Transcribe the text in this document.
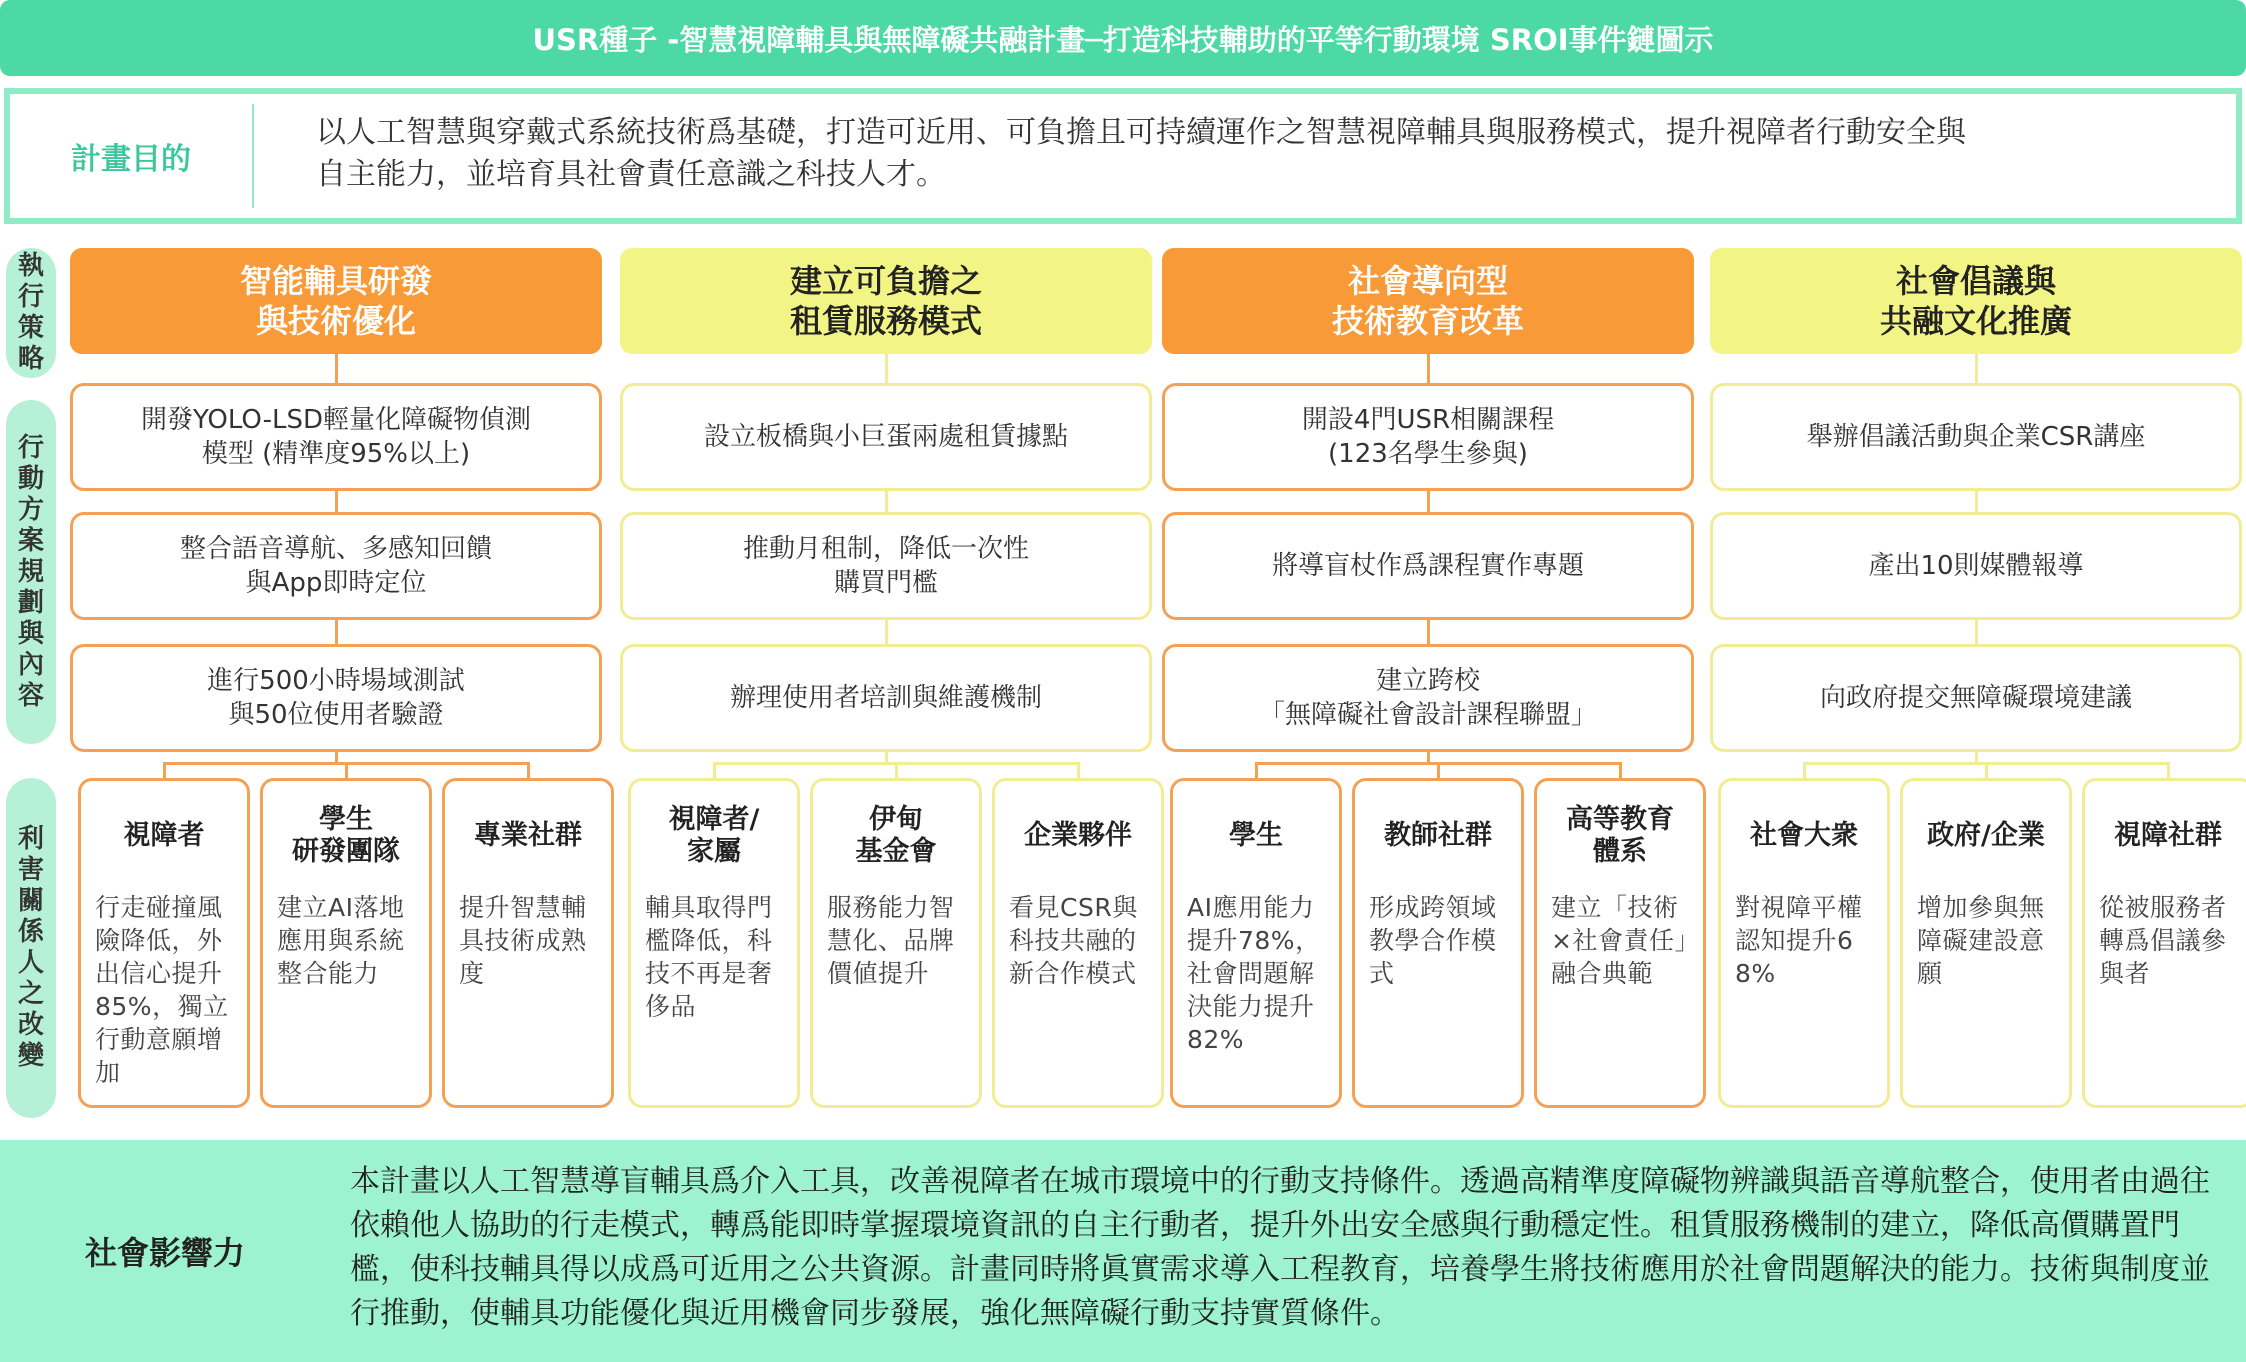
USR種子 -智慧視障輔具與無障礙共融計畫─打造科技輔助的平等行動環境 SROI事件鏈圖示
計畫目的
以人工智慧與穿戴式系統技術爲基礎，打造可近用、可負擔且可持續運作之智慧視障輔具與服務模式，提升視障者行動安全與
自主能力，並培育具社會責任意識之科技人才。
執行策略
行動方案規劃與內容
利害關係人之改變
智能輔具研發
與技術優化
開發YOLO-LSD輕量化障礙物偵測
模型 (精準度95%以上)
整合語音導航、多感知回饋
與App即時定位
進行500小時場域測試
與50位使用者驗證
視障者
行走碰撞風險降低，外出信心提升85%，獨立行動意願增加
學生
研發團隊
建立AI落地應用與系統整合能力
專業社群
提升智慧輔具技術成熟度
建立可負擔之
租賃服務模式
設立板橋與小巨蛋兩處租賃據點
推動月租制，降低一次性
購買門檻
辦理使用者培訓與維護機制
視障者/
家屬
輔具取得門檻降低，科技不再是奢侈品
伊甸
基金會
服務能力智慧化、品牌價値提升
企業夥伴
看見CSR與科技共融的新合作模式
社會導向型
技術教育改革
開設4門USR相關課程
(123名學生參與)
將導盲杖作爲課程實作專題
建立跨校
「無障礙社會設計課程聯盟」
學生
AI應用能力提升78%，社會問題解決能力提升82%
教師社群
形成跨領域教學合作模式
高等教育
體系
建立「技術×社會責任」融合典範
社會倡議與
共融文化推廣
舉辦倡議活動與企業CSR講座
產出10則媒體報導
向政府提交無障礙環境建議
社會大衆
對視障平權認知提升68%
政府/企業
增加參與無障礙建設意願
視障社群
從被服務者轉爲倡議參與者
社會影響力
本計畫以人工智慧導盲輔具爲介入工具，改善視障者在城市環境中的行動支持條件。透過高精準度障礙物辨識與語音導航整合，使用者由過往依賴他人協助的行走模式，轉爲能即時掌握環境資訊的自主行動者，提升外出安全感與行動穩定性。租賃服務機制的建立，降低高價購置門檻，使科技輔具得以成爲可近用之公共資源。計畫同時將眞實需求導入工程教育，培養學生將技術應用於社會問題解決的能力。技術與制度並行推動，使輔具功能優化與近用機會同步發展，強化無障礙行動支持實質條件。
